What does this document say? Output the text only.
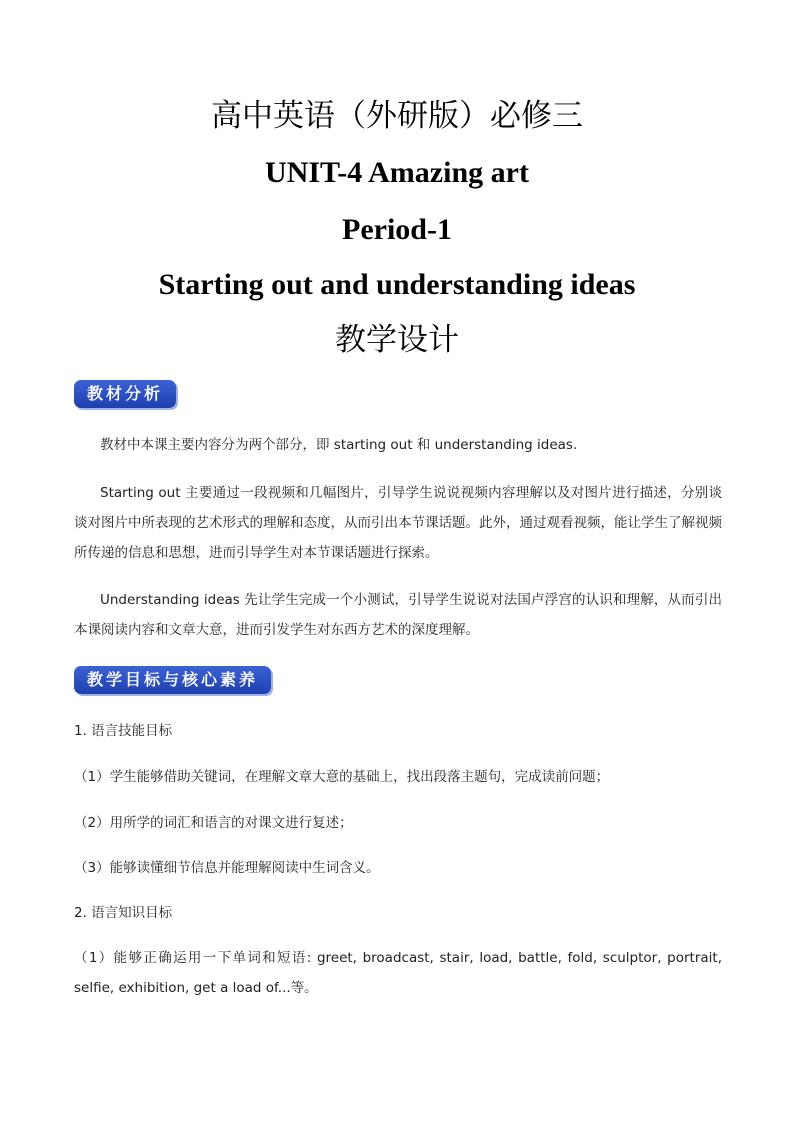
高中英语（外研版）必修三
UNIT-4 Amazing art
Period-1
Starting out and understanding ideas
教学设计
教材分析
教材中本课主要内容分为两个部分，即 starting out 和 understanding ideas.
Starting out 主要通过一段视频和几幅图片，引导学生说说视频内容理解以及对图片进行描述，分别谈谈对图片中所表现的艺术形式的理解和态度，从而引出本节课话题。此外，通过观看视频，能让学生了解视频所传递的信息和思想，进而引导学生对本节课话题进行探索。
Understanding ideas 先让学生完成一个小测试，引导学生说说对法国卢浮宫的认识和理解，从而引出本课阅读内容和文章大意，进而引发学生对东西方艺术的深度理解。
教学目标与核心素养
1. 语言技能目标
（1）学生能够借助关键词，在理解文章大意的基础上，找出段落主题句，完成读前问题；
（2）用所学的词汇和语言的对课文进行复述；
（3）能够读懂细节信息并能理解阅读中生词含义。
2. 语言知识目标
（1）能够正确运用一下单词和短语: greet, broadcast, stair, load, battle, fold, sculptor, portrait, selfie, exhibition, get a load of...等。
